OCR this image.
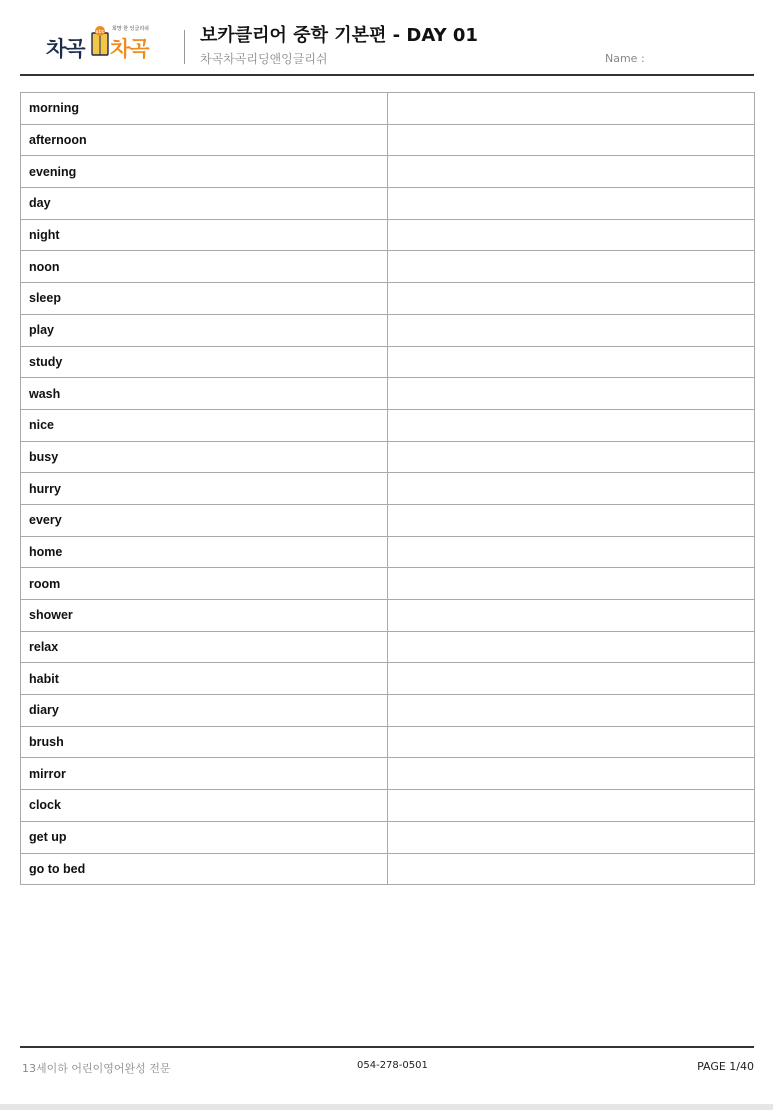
차곡
abc 희망 한 잉글리쉬
차곡
보카클리어 중학 기본편 - DAY 01
차곡차곡리딩앤잉글리쉬	Name :
morning	
afternoon	
evening	
day	
night	
noon	
sleep	
play	
study	
wash	
nice	
busy	
hurry	
every	
home	
room	
shower	
relax	
habit	
diary	
brush	
mirror	
clock	
get up	
go to bed	
13세이하 어린이영어완성 전문	054-278-0501	PAGE 1/40
